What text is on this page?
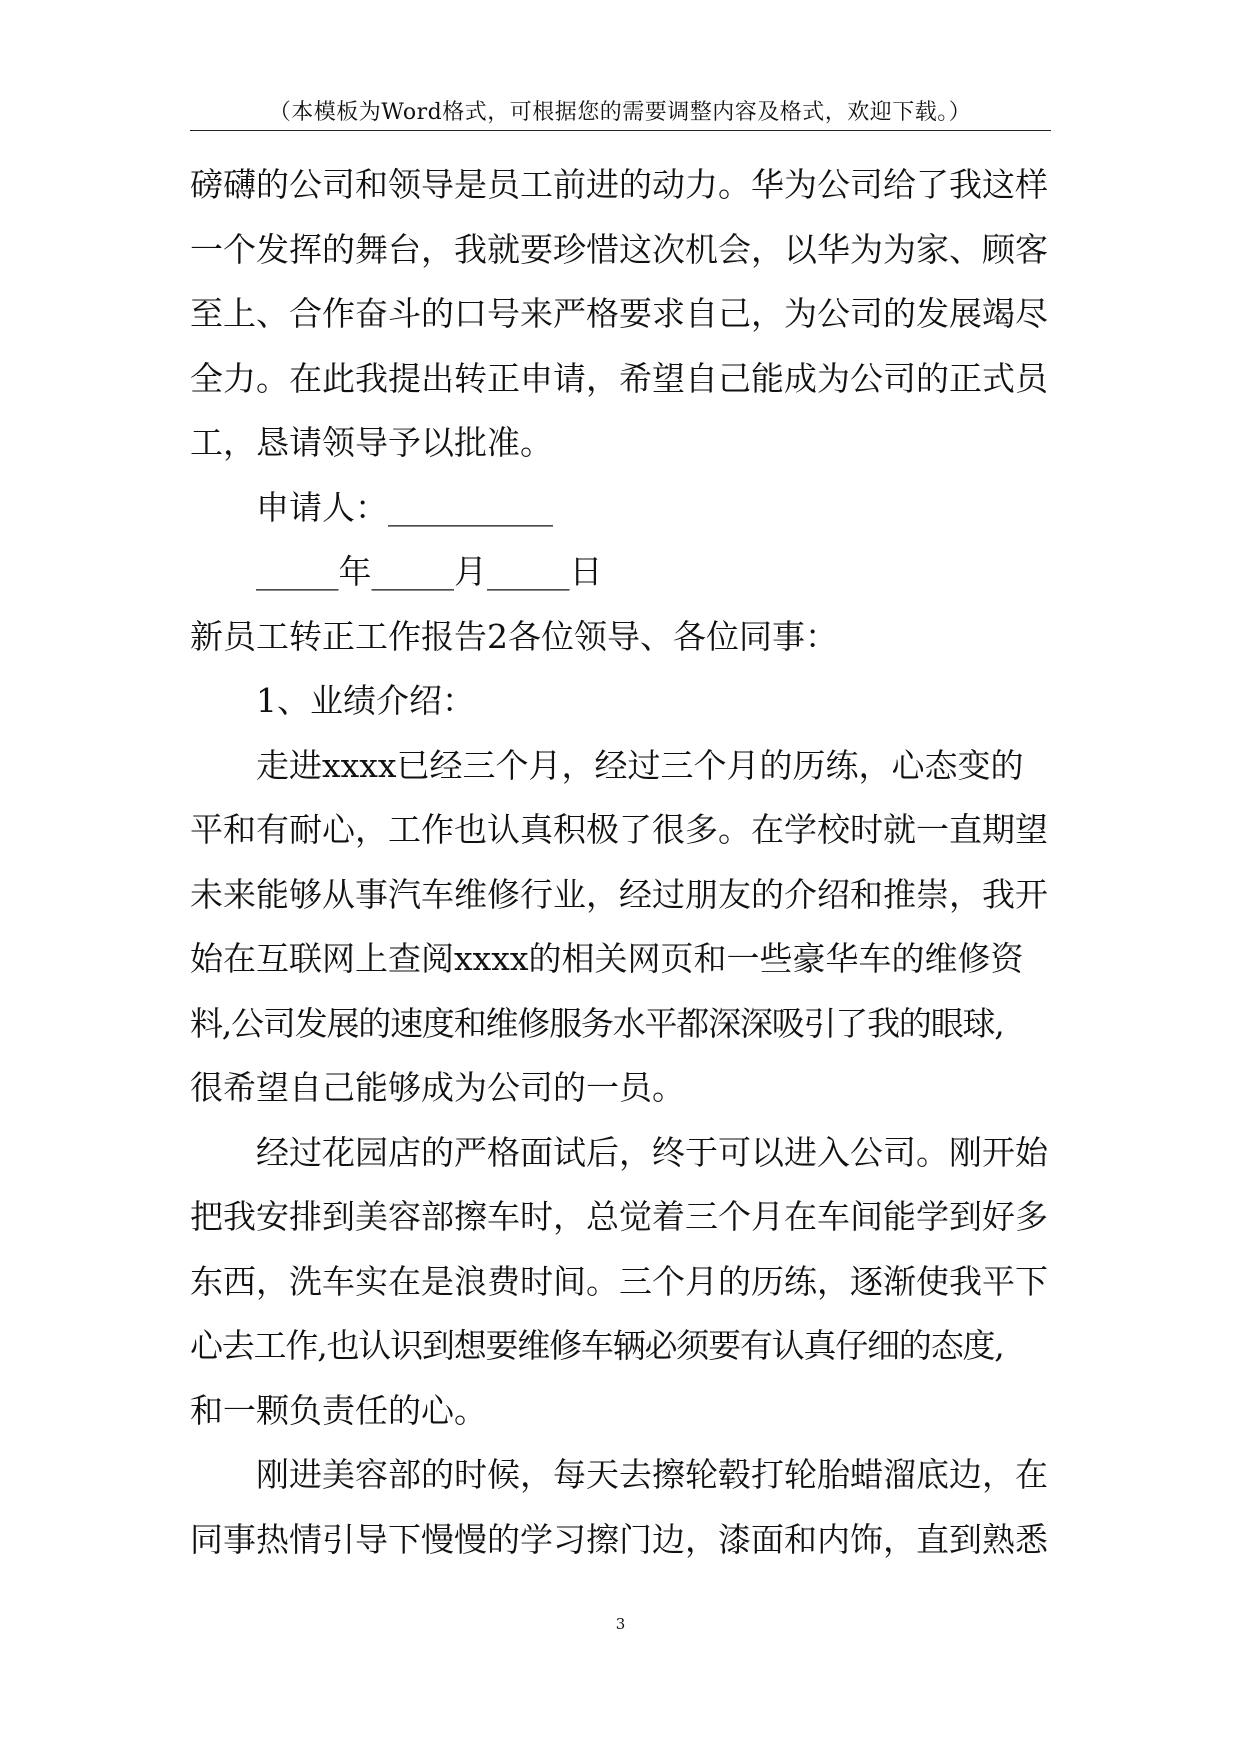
（本模板为Word格式，可根据您的需要调整内容及格式，欢迎下载。）
磅礴的公司和领导是员工前进的动力。华为公司给了我这样
一个发挥的舞台，我就要珍惜这次机会，以华为为家、顾客
至上、合作奋斗的口号来严格要求自己，为公司的发展竭尽
全力。在此我提出转正申请，希望自己能成为公司的正式员
工，恳请领导予以批准。
申请人：__________
_____年_____月_____日
新员工转正工作报告2各位领导、各位同事：
1、业绩介绍：
走进xxxx已经三个月，经过三个月的历练，心态变的
平和有耐心，工作也认真积极了很多。在学校时就一直期望
未来能够从事汽车维修行业，经过朋友的介绍和推崇，我开
始在互联网上查阅xxxx的相关网页和一些豪华车的维修资
料,公司发展的速度和维修服务水平都深深吸引了我的眼球,
很希望自己能够成为公司的一员。
经过花园店的严格面试后，终于可以进入公司。刚开始
把我安排到美容部擦车时，总觉着三个月在车间能学到好多
东西，洗车实在是浪费时间。三个月的历练，逐渐使我平下
心去工作,也认识到想要维修车辆必须要有认真仔细的态度,
和一颗负责任的心。
刚进美容部的时候，每天去擦轮毂打轮胎蜡溜底边，在
同事热情引导下慢慢的学习擦门边，漆面和内饰，直到熟悉
3
